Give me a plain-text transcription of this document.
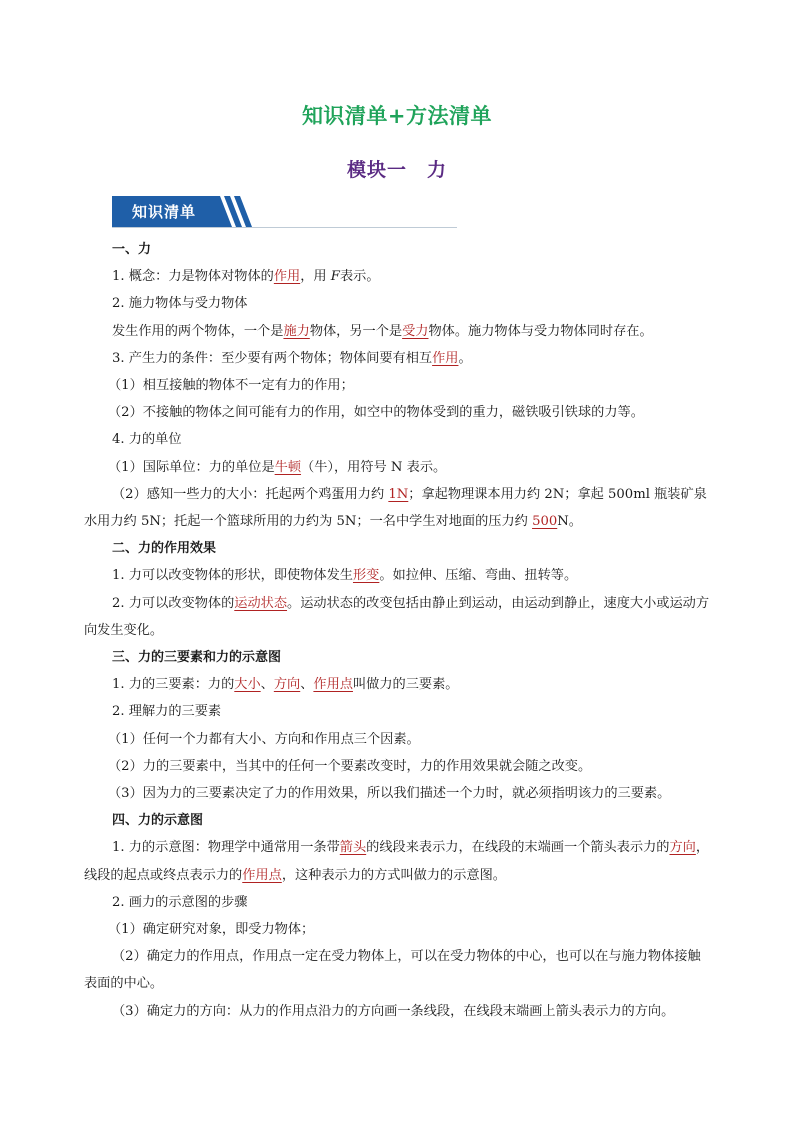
知识清单+方法清单
模块一　力
知识清单

一、力

1. 概念：力是物体对物体的作用，用 F表示。

2. 施力物体与受力物体

发生作用的两个物体，一个是施力物体，另一个是受力物体。施力物体与受力物体同时存在。

3. 产生力的条件：至少要有两个物体；物体间要有相互作用。

（1）相互接触的物体不一定有力的作用；

（2）不接触的物体之间可能有力的作用，如空中的物体受到的重力，磁铁吸引铁球的力等。

4. 力的单位

（1）国际单位：力的单位是牛顿（牛），用符号 N 表示。

（2）感知一些力的大小：托起两个鸡蛋用力约 1N；拿起物理课本用力约 2N；拿起 500ml 瓶装矿泉水用力约 5N；托起一个篮球所用的力约为 5N；一名中学生对地面的压力约 500N。

二、力的作用效果

1. 力可以改变物体的形状，即使物体发生形变。如拉伸、压缩、弯曲、扭转等。

2. 力可以改变物体的运动状态。运动状态的改变包括由静止到运动，由运动到静止，速度大小或运动方向发生变化。

三、力的三要素和力的示意图

1. 力的三要素：力的大小、方向、作用点叫做力的三要素。

2. 理解力的三要素

（1）任何一个力都有大小、方向和作用点三个因素。

（2）力的三要素中，当其中的任何一个要素改变时，力的作用效果就会随之改变。

（3）因为力的三要素决定了力的作用效果，所以我们描述一个力时，就必须指明该力的三要素。

四、力的示意图

1. 力的示意图：物理学中通常用一条带箭头的线段来表示力，在线段的末端画一个箭头表示力的方向，线段的起点或终点表示力的作用点，这种表示力的方式叫做力的示意图。

2. 画力的示意图的步骤

（1）确定研究对象，即受力物体；

（2）确定力的作用点，作用点一定在受力物体上，可以在受力物体的中心，也可以在与施力物体接触表面的中心。

（3）确定力的方向：从力的作用点沿力的方向画一条线段，在线段末端画上箭头表示力的方向。
